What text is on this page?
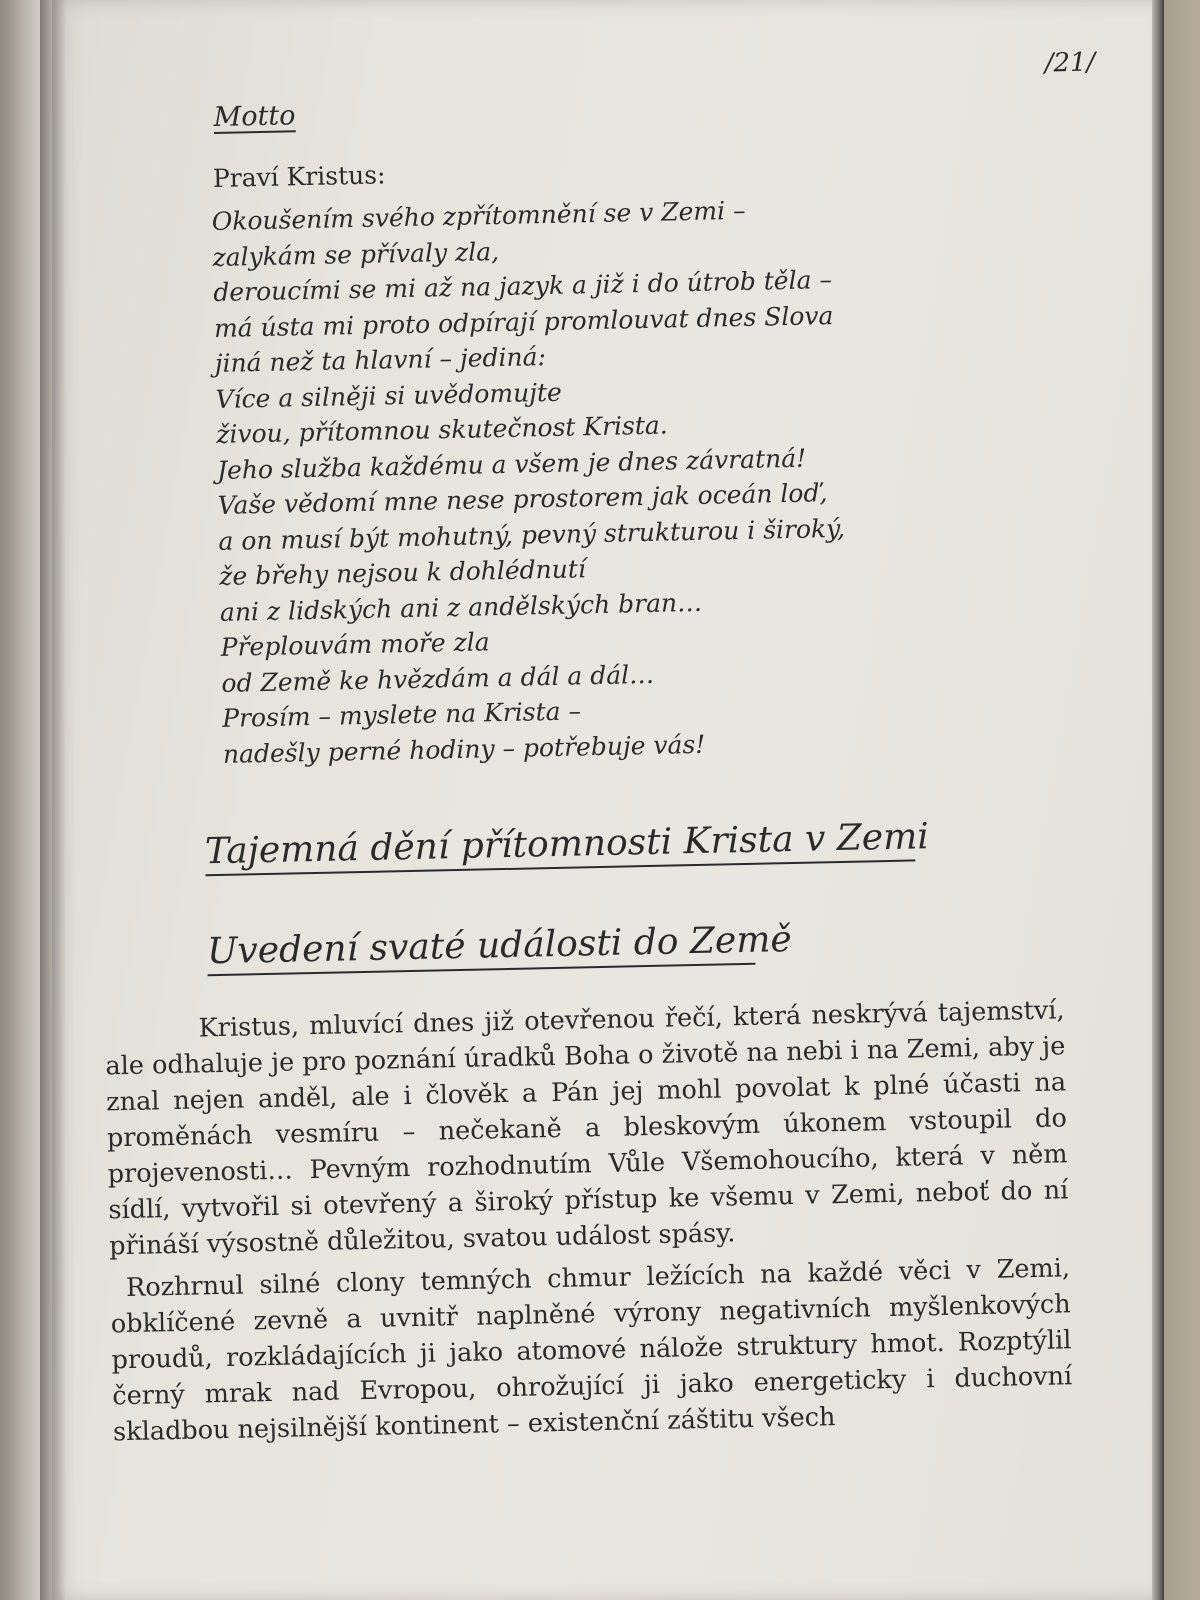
/21/
Motto
Praví Kristus:
Okoušením svého zpřítomnění se v Zemi –
zalykám se přívaly zla,
deroucími se mi až na jazyk a již i do útrob těla –
má ústa mi proto odpírají promlouvat dnes Slova
jiná než ta hlavní – jediná:
Více a silněji si uvědomujte
živou, přítomnou skutečnost Krista.
Jeho služba každému a všem je dnes závratná!
Vaše vědomí mne nese prostorem jak oceán loď,
a on musí být mohutný, pevný strukturou i široký,
že břehy nejsou k dohlédnutí
ani z lidských ani z andělských bran…
Přeplouvám moře zla
od Země ke hvězdám a dál a dál…
Prosím – myslete na Krista –
nadešly perné hodiny – potřebuje vás!
Tajemná dění přítomnosti Krista v Zemi
Uvedení svaté události do Země

Kristus, mluvící dnes již otevřenou řečí, která neskrývá tajemství, ale odhaluje je pro poznání úradků Boha o životě na nebi i na Zemi, aby je znal nejen anděl, ale i člověk a Pán jej mohl povolat k plné účasti na proměnách vesmíru – nečekaně a bleskovým úkonem vstoupil do projevenosti… Pevným rozhodnutím Vůle Všemohoucího, která v něm sídlí, vytvořil si otevřený a široký přístup ke všemu v Zemi, neboť do ní přináší výsostně důležitou, svatou událost spásy.

Rozhrnul silné clony temných chmur ležících na každé věci v Zemi, obklíčené zevně a uvnitř naplněné výrony negativních myšlenkových proudů, rozkládajících ji jako atomové nálože struktury hmot. Rozptýlil černý mrak nad Evropou, ohrožující ji jako energeticky i duchovní skladbou nejsilnější kontinent – existenční záštitu všech
